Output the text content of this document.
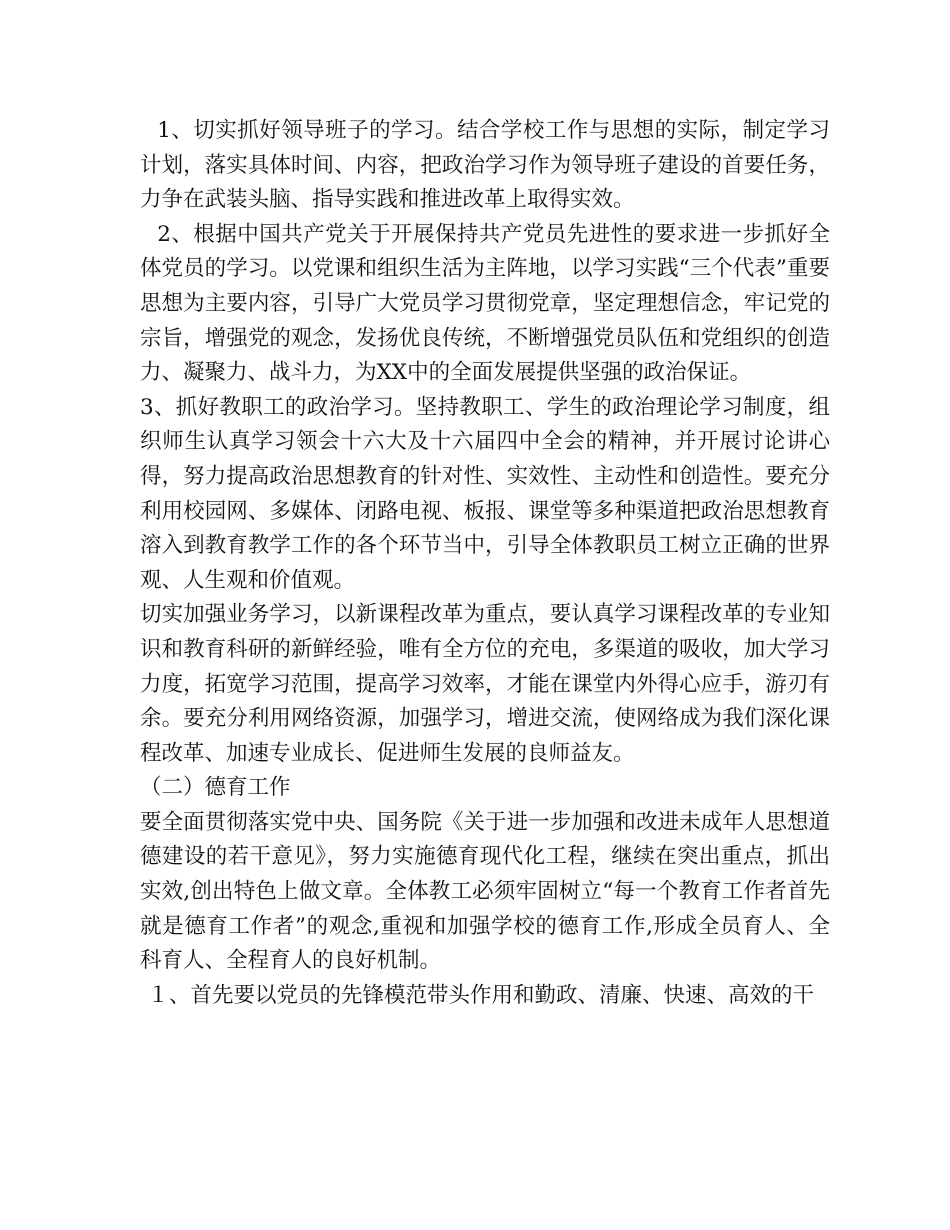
1、切实抓好领导班子的学习。结合学校工作与思想的实际，制定学习计划，落实具体时间、内容，把政治学习作为领导班子建设的首要任务，力争在武装头脑、指导实践和推进改革上取得实效。

2、根据中国共产党关于开展保持共产党员先进性的要求进一步抓好全体党员的学习。以党课和组织生活为主阵地，以学习实践“三个代表”重要思想为主要内容，引导广大党员学习贯彻党章，坚定理想信念，牢记党的宗旨，增强党的观念，发扬优良传统，不断增强党员队伍和党组织的创造力、凝聚力、战斗力，为XX中的全面发展提供坚强的政治保证。

3、抓好教职工的政治学习。坚持教职工、学生的政治理论学习制度，组织师生认真学习领会十六大及十六届四中全会的精神，并开展讨论讲心得，努力提高政治思想教育的针对性、实效性、主动性和创造性。要充分利用校园网、多媒体、闭路电视、板报、课堂等多种渠道把政治思想教育溶入到教育教学工作的各个环节当中，引导全体教职员工树立正确的世界观、人生观和价值观。

切实加强业务学习，以新课程改革为重点，要认真学习课程改革的专业知识和教育科研的新鲜经验，唯有全方位的充电，多渠道的吸收，加大学习力度，拓宽学习范围，提高学习效率，才能在课堂内外得心应手，游刃有余。要充分利用网络资源，加强学习，增进交流，使网络成为我们深化课程改革、加速专业成长、促进师生发展的良师益友。

（二）德育工作

要全面贯彻落实党中央、国务院《关于进一步加强和改进未成年人思想道德建设的若干意见》，努力实施德育现代化工程，继续在突出重点，抓出实效,创出特色上做文章。全体教工必须牢固树立“每一个教育工作者首先就是德育工作者”的观念,重视和加强学校的德育工作,形成全员育人、全科育人、全程育人的良好机制。

１、首先要以党员的先锋模范带头作用和勤政、清廉、快速、高效的干
